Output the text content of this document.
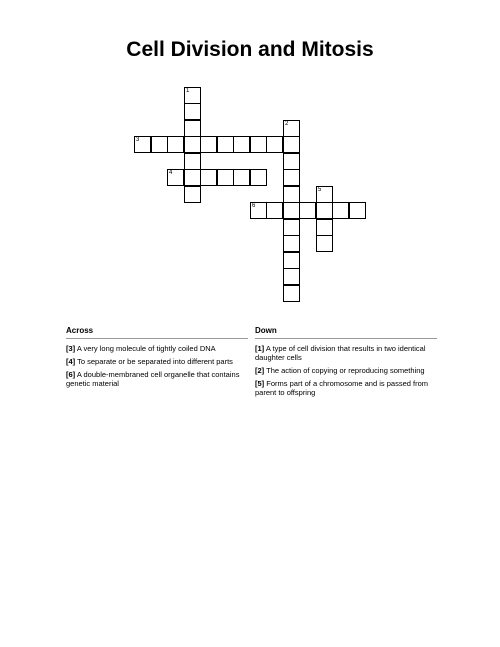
Cell Division and Mitosis
1
2
3
4
5
6
Across
[3] A very long molecule of tightly coiled DNA
[4] To separate or be separated into different parts
[6] A double-membraned cell organelle that contains genetic material
Down
[1] A type of cell division that results in two identical daughter cells
[2] The action of copying or reproducing something
[5] Forms part of a chromosome and is passed from parent to offspring
